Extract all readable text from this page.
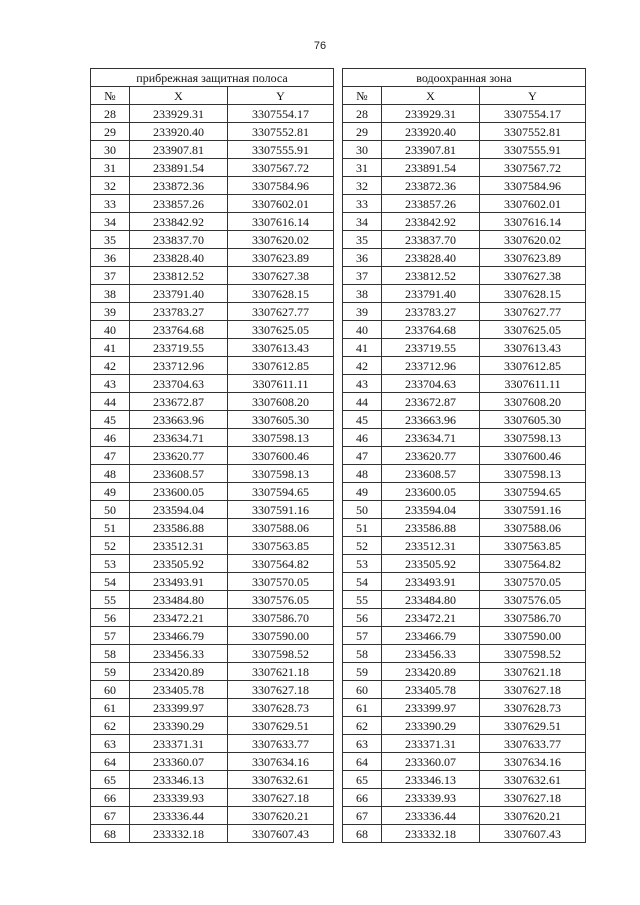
76
прибрежная защитная полоса		
№	X	Y
28	233929.31	3307554.17
29	233920.40	3307552.81
30	233907.81	3307555.91
31	233891.54	3307567.72
32	233872.36	3307584.96
33	233857.26	3307602.01
34	233842.92	3307616.14
35	233837.70	3307620.02
36	233828.40	3307623.89
37	233812.52	3307627.38
38	233791.40	3307628.15
39	233783.27	3307627.77
40	233764.68	3307625.05
41	233719.55	3307613.43
42	233712.96	3307612.85
43	233704.63	3307611.11
44	233672.87	3307608.20
45	233663.96	3307605.30
46	233634.71	3307598.13
47	233620.77	3307600.46
48	233608.57	3307598.13
49	233600.05	3307594.65
50	233594.04	3307591.16
51	233586.88	3307588.06
52	233512.31	3307563.85
53	233505.92	3307564.82
54	233493.91	3307570.05
55	233484.80	3307576.05
56	233472.21	3307586.70
57	233466.79	3307590.00
58	233456.33	3307598.52
59	233420.89	3307621.18
60	233405.78	3307627.18
61	233399.97	3307628.73
62	233390.29	3307629.51
63	233371.31	3307633.77
64	233360.07	3307634.16
65	233346.13	3307632.61
66	233339.93	3307627.18
67	233336.44	3307620.21
68	233332.18	3307607.43
водоохранная зона		
№	X	Y
28	233929.31	3307554.17
29	233920.40	3307552.81
30	233907.81	3307555.91
31	233891.54	3307567.72
32	233872.36	3307584.96
33	233857.26	3307602.01
34	233842.92	3307616.14
35	233837.70	3307620.02
36	233828.40	3307623.89
37	233812.52	3307627.38
38	233791.40	3307628.15
39	233783.27	3307627.77
40	233764.68	3307625.05
41	233719.55	3307613.43
42	233712.96	3307612.85
43	233704.63	3307611.11
44	233672.87	3307608.20
45	233663.96	3307605.30
46	233634.71	3307598.13
47	233620.77	3307600.46
48	233608.57	3307598.13
49	233600.05	3307594.65
50	233594.04	3307591.16
51	233586.88	3307588.06
52	233512.31	3307563.85
53	233505.92	3307564.82
54	233493.91	3307570.05
55	233484.80	3307576.05
56	233472.21	3307586.70
57	233466.79	3307590.00
58	233456.33	3307598.52
59	233420.89	3307621.18
60	233405.78	3307627.18
61	233399.97	3307628.73
62	233390.29	3307629.51
63	233371.31	3307633.77
64	233360.07	3307634.16
65	233346.13	3307632.61
66	233339.93	3307627.18
67	233336.44	3307620.21
68	233332.18	3307607.43
